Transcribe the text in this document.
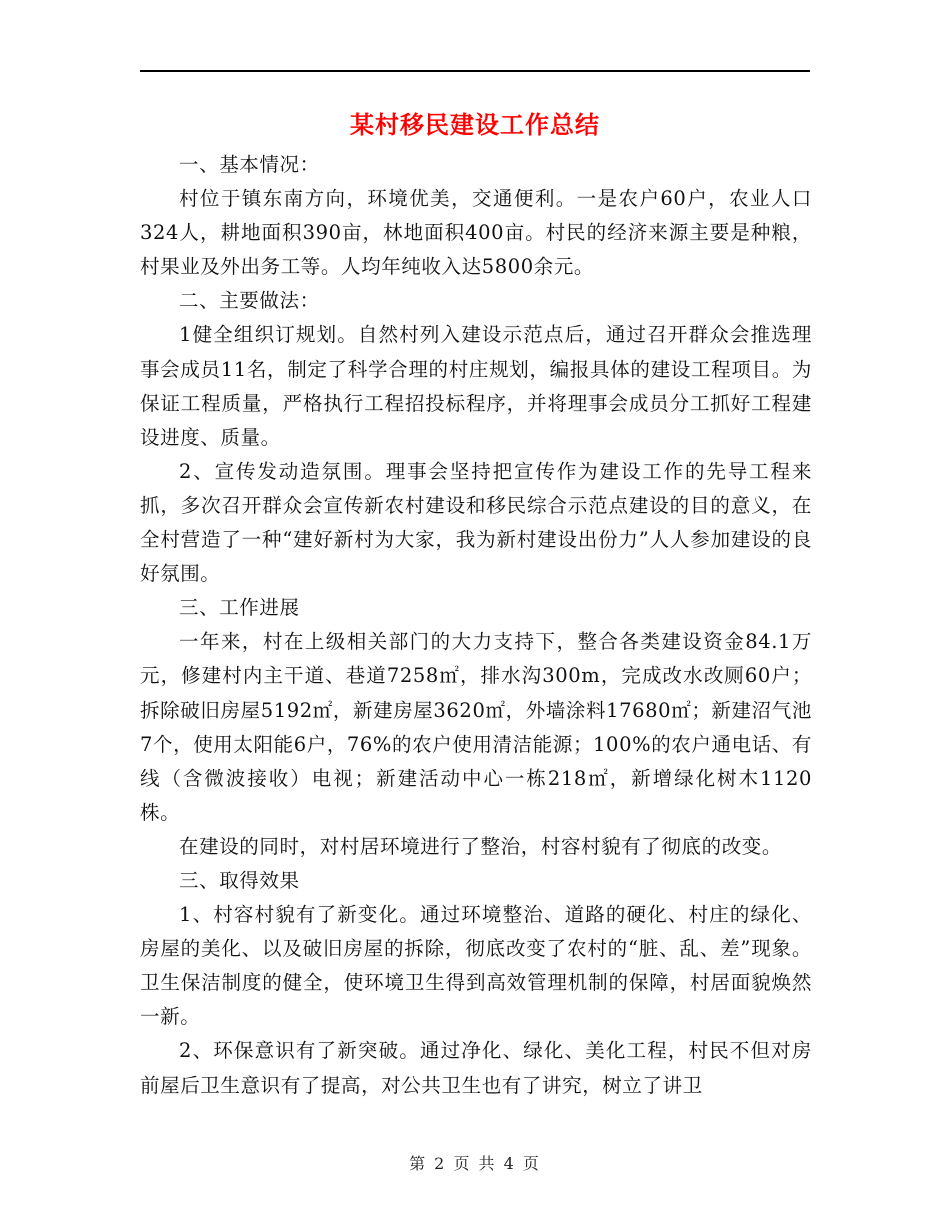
某村移民建设工作总结

一、基本情况：

村位于镇东南方向，环境优美，交通便利。一是农户60户，农业人口324人，耕地面积390亩，林地面积400亩。村民的经济来源主要是种粮，村果业及外出务工等。人均年纯收入达5800余元。

二、主要做法：

1健全组织订规划。自然村列入建设示范点后，通过召开群众会推选理事会成员11名，制定了科学合理的村庄规划，编报具体的建设工程项目。为保证工程质量，严格执行工程招投标程序，并将理事会成员分工抓好工程建设进度、质量。

2、宣传发动造氛围。理事会坚持把宣传作为建设工作的先导工程来抓，多次召开群众会宣传新农村建设和移民综合示范点建设的目的意义，在全村营造了一种“建好新村为大家，我为新村建设出份力”人人参加建设的良好氛围。

三、工作进展

一年来，村在上级相关部门的大力支持下，整合各类建设资金84.1万元，修建村内主干道、巷道7258㎡，排水沟300m，完成改水改厕60户；拆除破旧房屋5192㎡，新建房屋3620㎡，外墙涂料17680㎡；新建沼气池7个，使用太阳能6户，76%的农户使用清洁能源；100%的农户通电话、有线（含微波接收）电视；新建活动中心一栋218㎡，新增绿化树木1120株。

在建设的同时，对村居环境进行了整治，村容村貌有了彻底的改变。

三、取得效果

1、村容村貌有了新变化。通过环境整治、道路的硬化、村庄的绿化、房屋的美化、以及破旧房屋的拆除，彻底改变了农村的“脏、乱、差”现象。卫生保洁制度的健全，使环境卫生得到高效管理机制的保障，村居面貌焕然一新。

2、环保意识有了新突破。通过净化、绿化、美化工程，村民不但对房前屋后卫生意识有了提高，对公共卫生也有了讲究，树立了讲卫

第 2 页 共 4 页
